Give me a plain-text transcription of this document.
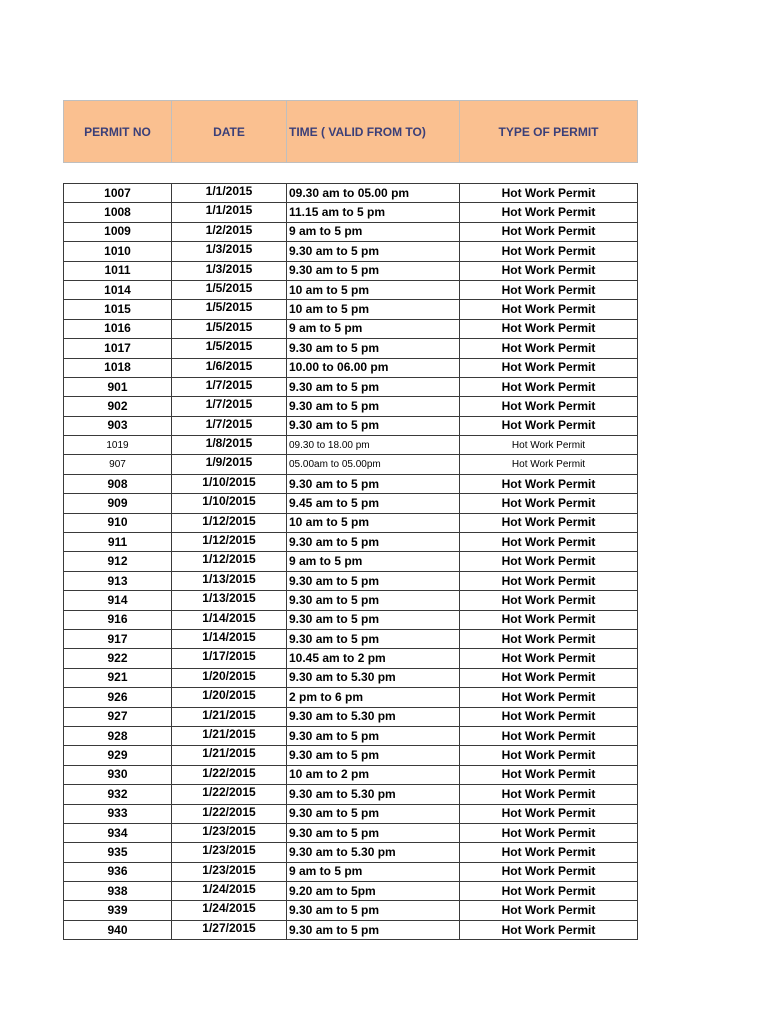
PERMIT NO	DATE	TIME ( VALID FROM TO)	TYPE OF PERMIT
1007	1/1/2015	09.30 am to 05.00 pm	Hot Work Permit
1008	1/1/2015	11.15 am to 5 pm	Hot Work Permit
1009	1/2/2015	9 am to 5 pm	Hot Work Permit
1010	1/3/2015	9.30 am to 5 pm	Hot Work Permit
1011	1/3/2015	9.30 am to 5 pm	Hot Work Permit
1014	1/5/2015	10 am to 5 pm	Hot Work Permit
1015	1/5/2015	10 am to 5 pm	Hot Work Permit
1016	1/5/2015	9 am to 5 pm	Hot Work Permit
1017	1/5/2015	9.30 am to 5 pm	Hot Work Permit
1018	1/6/2015	10.00 to 06.00 pm	Hot Work Permit
901	1/7/2015	9.30 am to 5 pm	Hot Work Permit
902	1/7/2015	9.30 am to 5 pm	Hot Work Permit
903	1/7/2015	9.30 am to 5 pm	Hot Work Permit
1019	1/8/2015	09.30 to 18.00 pm	Hot Work Permit
907	1/9/2015	05.00am to 05.00pm	Hot Work Permit
908	1/10/2015	9.30 am to 5 pm	Hot Work Permit
909	1/10/2015	9.45 am to 5 pm	Hot Work Permit
910	1/12/2015	10 am to 5 pm	Hot Work Permit
911	1/12/2015	9.30 am to 5 pm	Hot Work Permit
912	1/12/2015	9 am to 5 pm	Hot Work Permit
913	1/13/2015	9.30 am to 5 pm	Hot Work Permit
914	1/13/2015	9.30 am to 5 pm	Hot Work Permit
916	1/14/2015	9.30 am to 5 pm	Hot Work Permit
917	1/14/2015	9.30 am to 5 pm	Hot Work Permit
922	1/17/2015	10.45 am to 2 pm	Hot Work Permit
921	1/20/2015	9.30 am to 5.30 pm	Hot Work Permit
926	1/20/2015	2 pm to 6 pm	Hot Work Permit
927	1/21/2015	9.30 am to 5.30 pm	Hot Work Permit
928	1/21/2015	9.30 am to 5 pm	Hot Work Permit
929	1/21/2015	9.30 am to 5 pm	Hot Work Permit
930	1/22/2015	10 am to 2 pm	Hot Work Permit
932	1/22/2015	9.30 am to 5.30 pm	Hot Work Permit
933	1/22/2015	9.30 am to 5 pm	Hot Work Permit
934	1/23/2015	9.30 am to 5 pm	Hot Work Permit
935	1/23/2015	9.30 am to 5.30 pm	Hot Work Permit
936	1/23/2015	9 am to 5 pm	Hot Work Permit
938	1/24/2015	9.20 am to 5pm	Hot Work Permit
939	1/24/2015	9.30 am to 5 pm	Hot Work Permit
940	1/27/2015	9.30 am to 5 pm	Hot Work Permit
